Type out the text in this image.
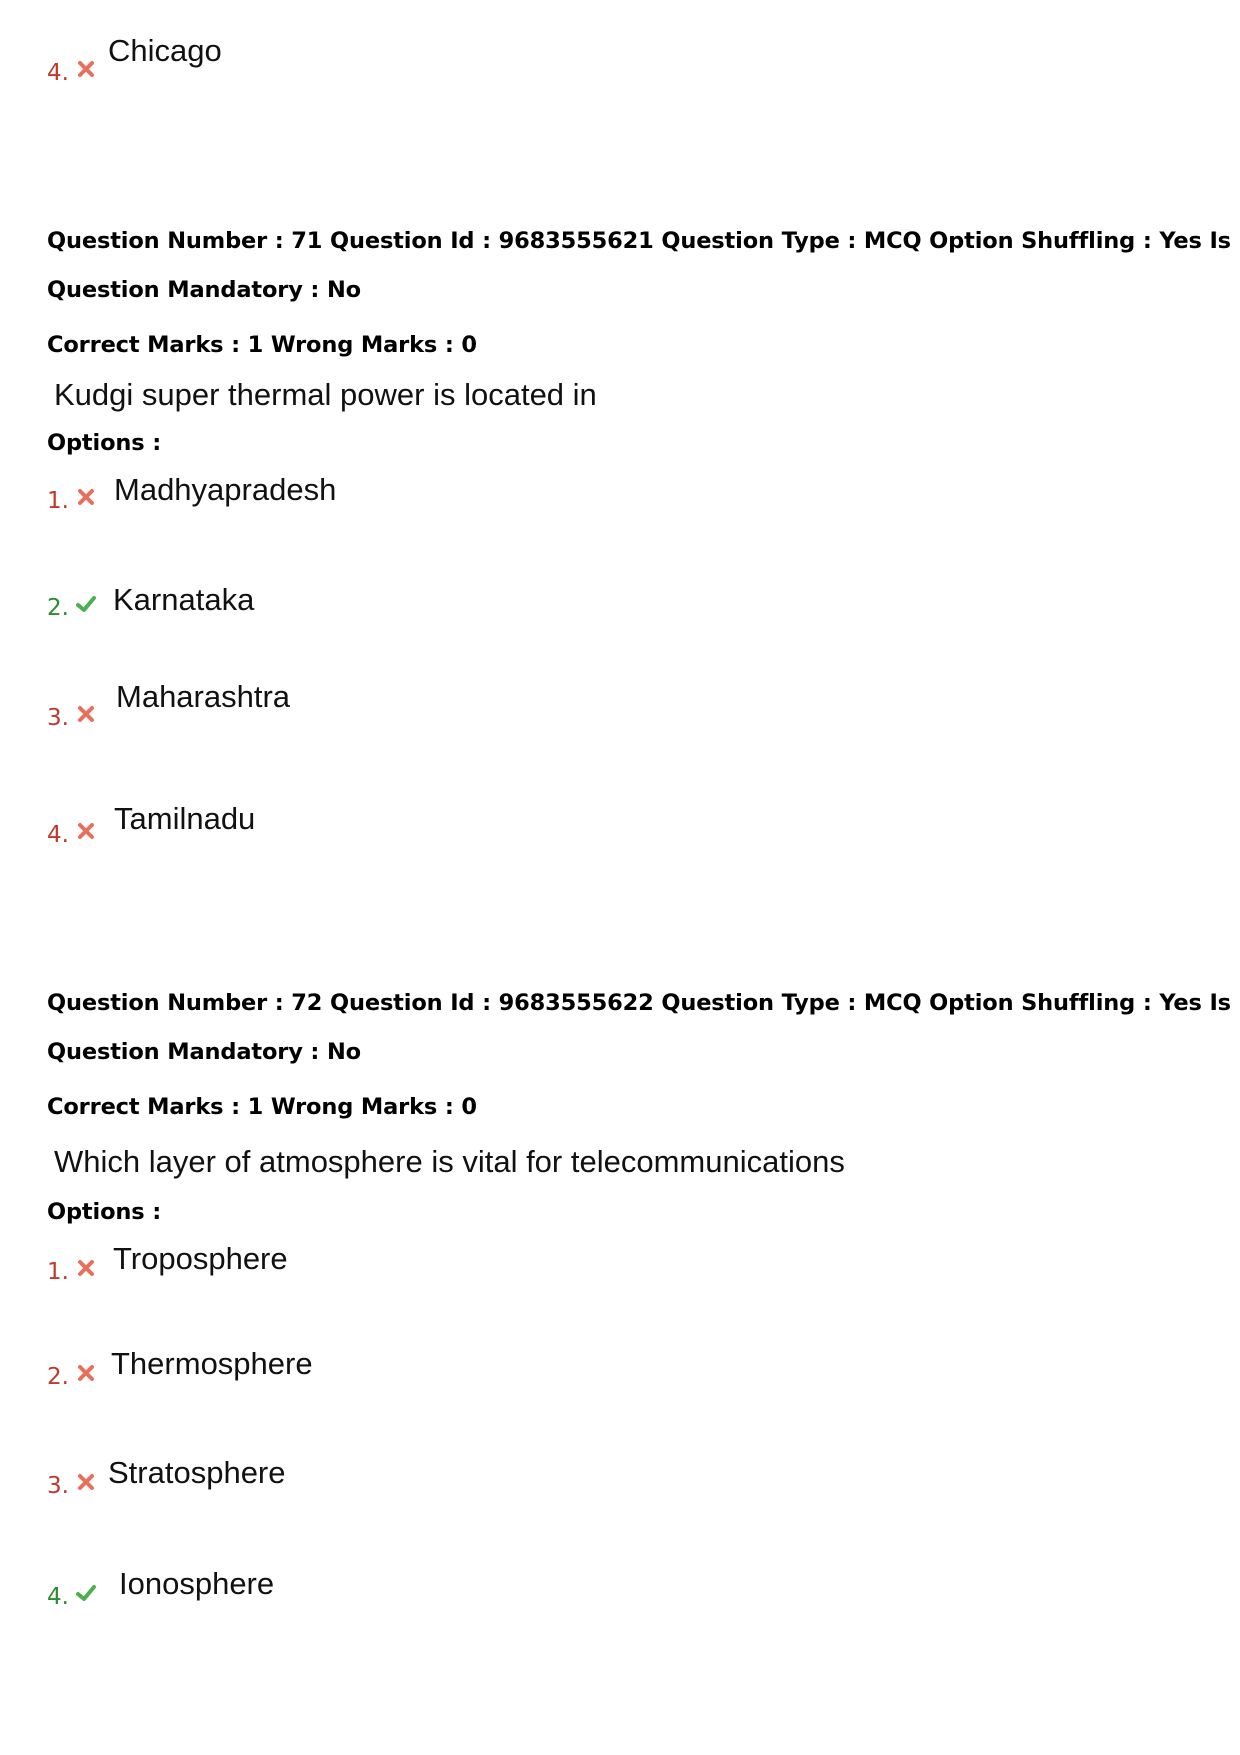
4.
Chicago
Question Number : 71 Question Id : 9683555621 Question Type : MCQ Option Shuffling : Yes Is
Question Mandatory : No
Correct Marks : 1 Wrong Marks : 0
Kudgi super thermal power is located in
Options :
1. Madhyapradesh
2. Karnataka
3.
Maharashtra
4. Tamilnadu
Question Number : 72 Question Id : 9683555622 Question Type : MCQ Option Shuffling : Yes Is
Question Mandatory : No
Correct Marks : 1 Wrong Marks : 0
Which layer of atmosphere is vital for telecommunications
Options :
1. Troposphere
2. Thermosphere
3. Stratosphere
4. Ionosphere
